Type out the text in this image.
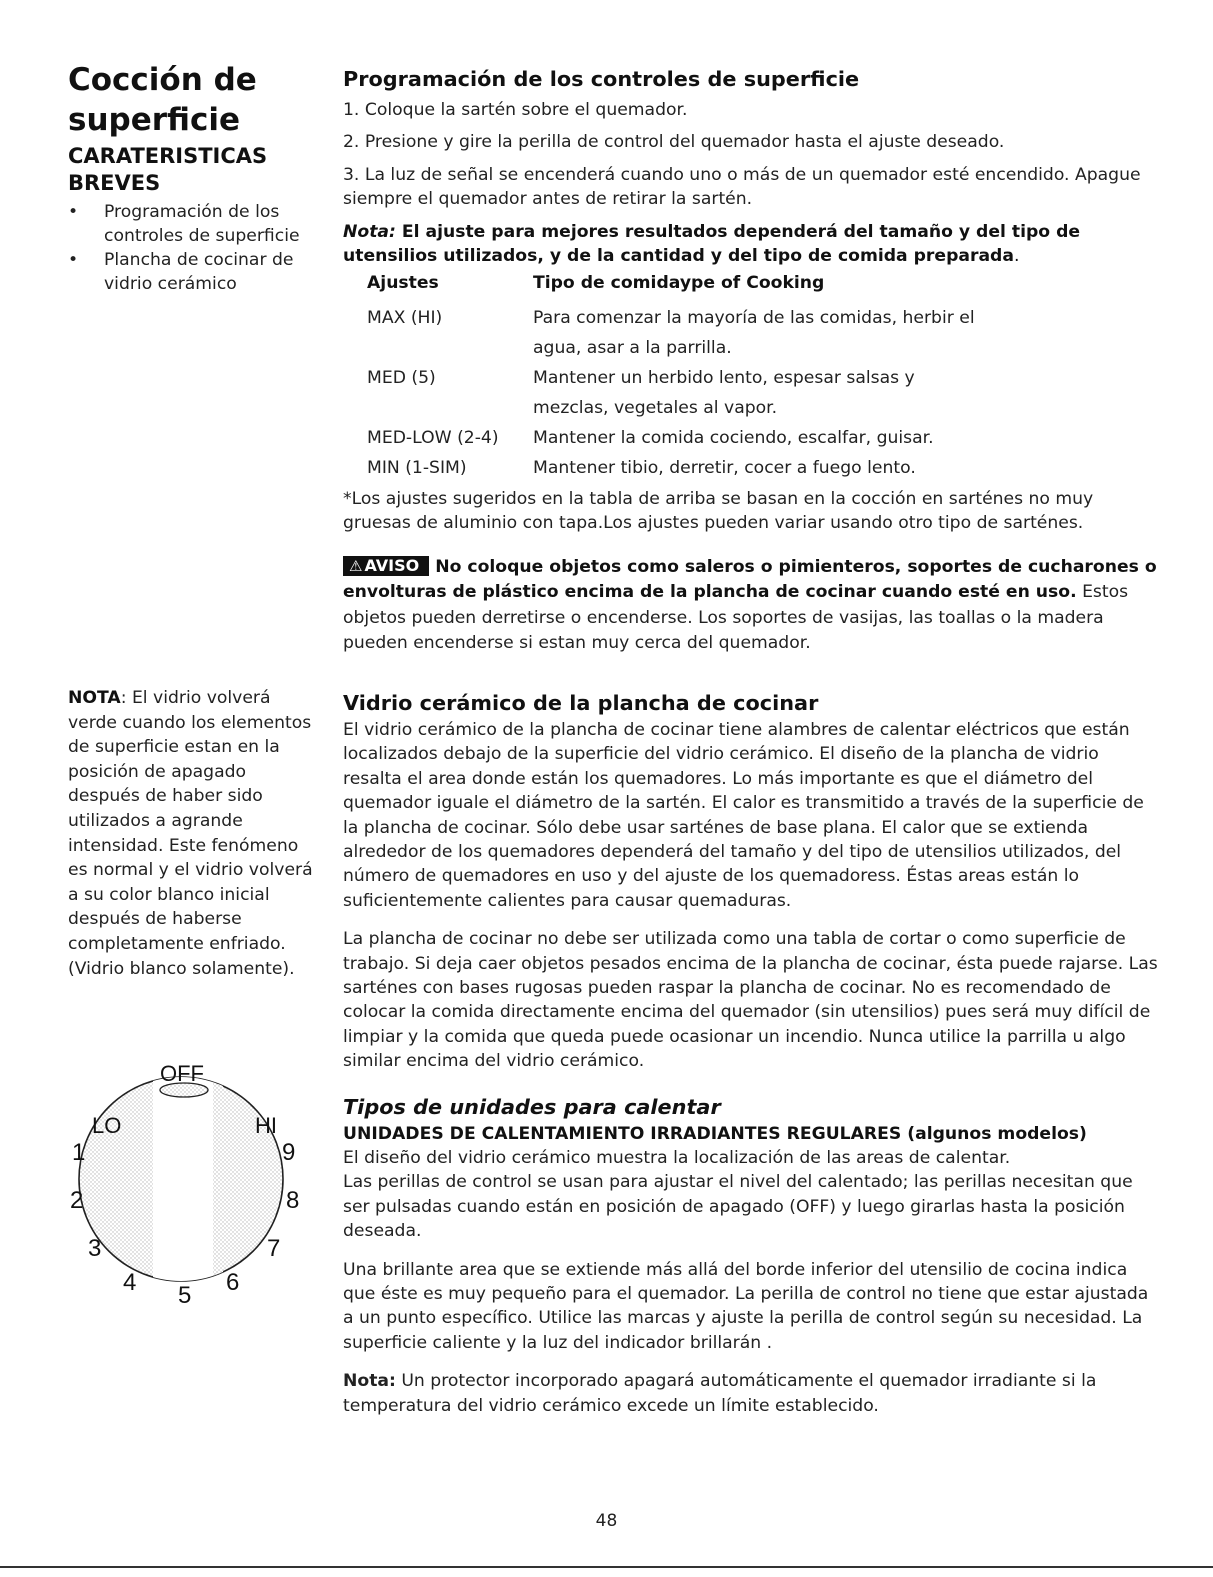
Cocción de superficie
CARATERISTICAS BREVES
• Programación de los controles de superficie
• Plancha de cocinar de vidrio cerámico
NOTA: El vidrio volverá verde cuando los elementos de superficie estan en la posición de apagado después de haber sido utilizados a agrande intensidad. Este fenómeno es normal y el vidrio volverá a su color blanco inicial después de haberse completamente enfriado. (Vidrio blanco solamente).
OFF
LO	HI
1
2
3
4 5 6
7
8
9
Programación de los controles de superficie
1. Coloque la sartén sobre el quemador.
2. Presione y gire la perilla de control del quemador hasta el ajuste deseado.
3. La luz de señal se encenderá cuando uno o más de un quemador esté encendido. Apague siempre el quemador antes de retirar la sartén.

Nota: El ajuste para mejores resultados dependerá del tamaño y del tipo de utensilios utilizados, y de la cantidad y del tipo de comida preparada.

Ajustes	Tipo de comidaype of Cooking
MAX (HI)	Para comenzar la mayoría de las comidas, herbir el
agua, asar a la parrilla.

MED (5)	Mantener un herbido lento, espesar salsas y
mezclas, vegetales al vapor.

MED-LOW (2-4)	Mantener la comida cociendo, escalfar, guisar.
MIN (1-SIM)	Mantener tibio, derretir, cocer a fuego lento.

*Los ajustes sugeridos en la tabla de arriba se basan en la cocción en sarténes no muy gruesas de aluminio con tapa.Los ajustes pueden variar usando otro tipo de sarténes.

⚠ AVISO No coloque objetos como saleros o pimienteros, soportes de cucharones o envolturas de plástico encima de la plancha de cocinar cuando esté en uso. Estos objetos pueden derretirse o encenderse. Los soportes de vasijas, las toallas o la madera pueden encenderse si estan muy cerca del quemador.
Vidrio cerámico de la plancha de cocinar

El vidrio cerámico de la plancha de cocinar tiene alambres de calentar eléctricos que están localizados debajo de la superficie del vidrio cerámico. El diseño de la plancha de vidrio resalta el area donde están los quemadores. Lo más importante es que el diámetro del quemador iguale el diámetro de la sartén. El calor es transmitido a través de la superficie de la plancha de cocinar. Sólo debe usar sarténes de base plana. El calor que se extienda alrededor de los quemadores dependerá del tamaño y del tipo de utensilios utilizados, del número de quemadores en uso y del ajuste de los quemadoress. Éstas areas están lo suficientemente calientes para causar quemaduras.

La plancha de cocinar no debe ser utilizada como una tabla de cortar o como superficie de trabajo. Si deja caer objetos pesados encima de la plancha de cocinar, ésta puede rajarse. Las sarténes con bases rugosas pueden raspar la plancha de cocinar. No es recomendado de colocar la comida directamente encima del quemador (sin utensilios) pues será muy difícil de limpiar y la comida que queda puede ocasionar un incendio. Nunca utilice la parrilla u algo similar encima del vidrio cerámico.

Tipos de unidades para calentar

UNIDADES DE CALENTAMIENTO IRRADIANTES REGULARES (algunos modelos)

El diseño del vidrio cerámico muestra la localización de las areas de calentar.

Las perillas de control se usan para ajustar el nivel del calentado; las perillas necesitan que ser pulsadas cuando están en posición de apagado (OFF) y luego girarlas hasta la posición deseada.

Una brillante area que se extiende más allá del borde inferior del utensilio de cocina indica que éste es muy pequeño para el quemador. La perilla de control no tiene que estar ajustada a un punto específico. Utilice las marcas y ajuste la perilla de control según su necesidad. La superficie caliente y la luz del indicador brillarán .

Nota: Un protector incorporado apagará automáticamente el quemador irradiante si la temperatura del vidrio cerámico excede un límite establecido.

48
